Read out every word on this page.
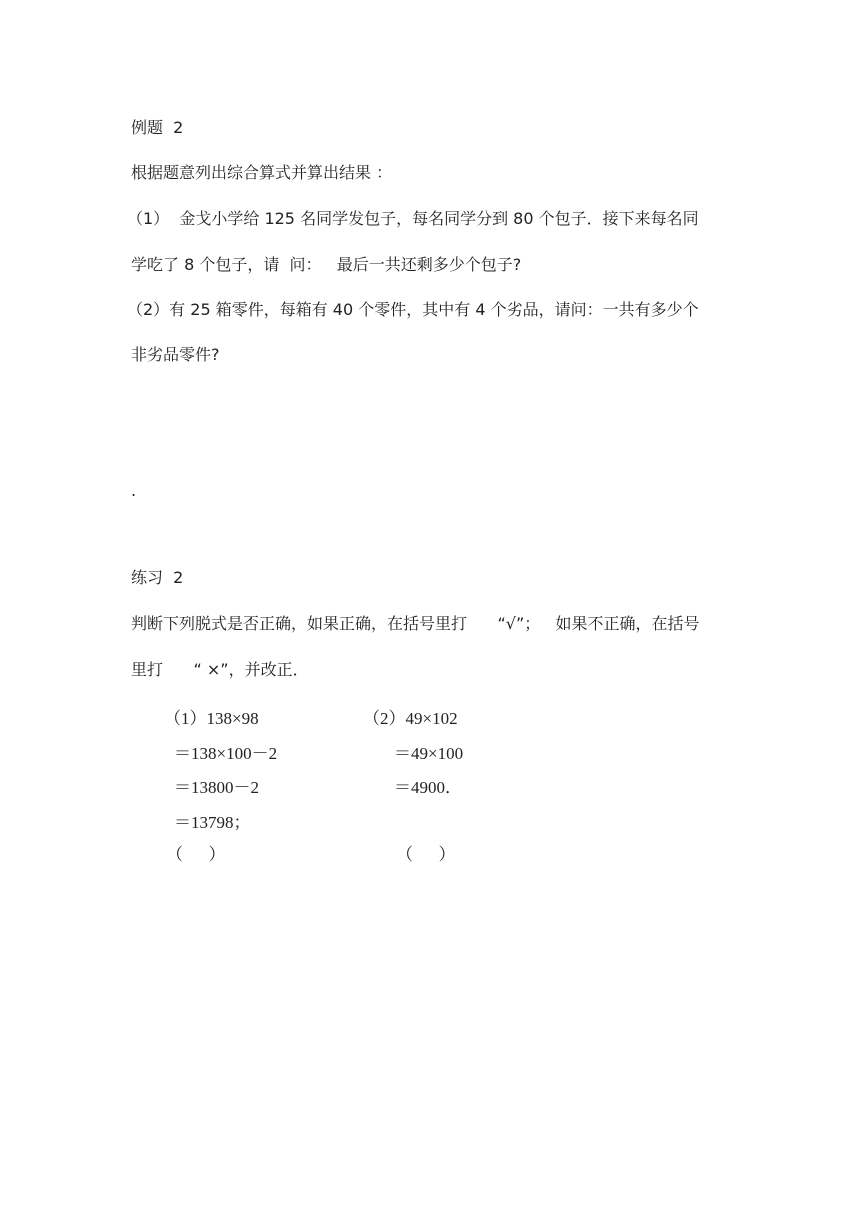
例题  2
根据题意列出综合算式并算出结果 ：
（1）  金戈小学给 125 名同学发包子，每名同学分到 80 个包子．接下来每名同
学吃了 8 个包子，请  问：   最后一共还剩多少个包子?
（2）有 25 箱零件，每箱有 40 个零件，其中有 4 个劣品，请问：一共有多少个
非劣品零件?
.
练习  2
判断下列脱式是否正确，如果正确，在括号里打      “√”；   如果不正确，在括号
里打      “ ×”，并改正．
（1）138×98
＝138×100－2
＝13800－2
＝13798；
（      ）
（2）49×102
＝49×100
＝4900．
（      ）
